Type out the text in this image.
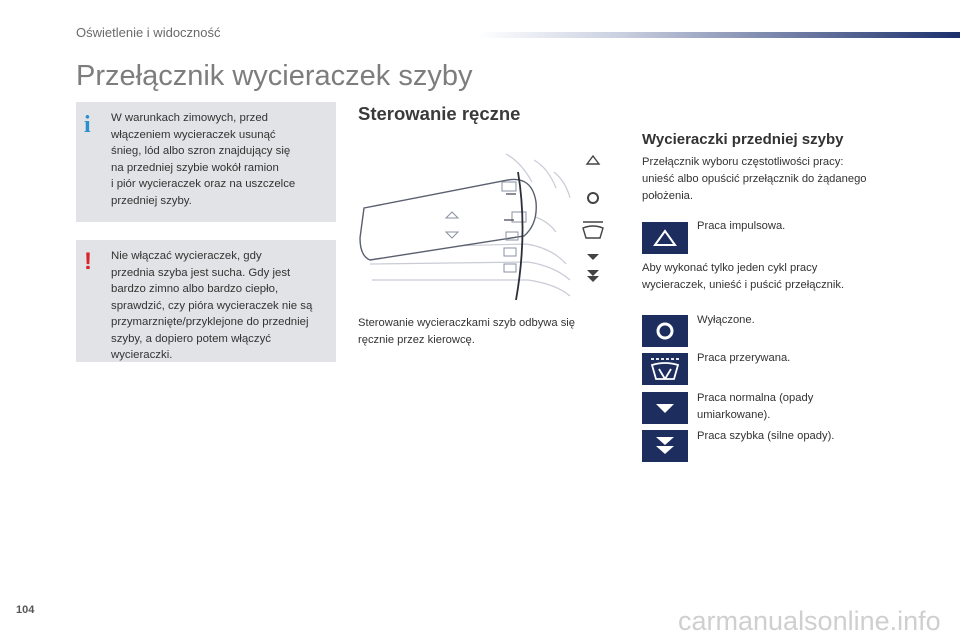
Oświetlenie i widoczność
Przełącznik wycieraczek szyby
i W warunkach zimowych, przed
włączeniem wycieraczek usunąć
śnieg, lód albo szron znajdujący się
na przedniej szybie wokół ramion
i piór wycieraczek oraz na uszczelce
przedniej szyby.
! Nie włączać wycieraczek, gdy
przednia szyba jest sucha. Gdy jest
bardzo zimno albo bardzo ciepło,
sprawdzić, czy pióra wycieraczek nie są
przymarznięte/przyklejone do przedniej
szyby, a dopiero potem włączyć
wycieraczki.
Sterowanie ręczne
Sterowanie wycieraczkami szyb odbywa się
ręcznie przez kierowcę.
Wycieraczki przedniej szyby
Przełącznik wyboru częstotliwości pracy:
unieść albo opuścić przełącznik do żądanego
położenia.
Praca impulsowa.
Aby wykonać tylko jeden cykl pracy
wycieraczek, unieść i puścić przełącznik.
Wyłączone.
Praca przerywana.
Praca normalna (opady umiarkowane).
Praca szybka (silne opady).
104	carmanualsonline.info
